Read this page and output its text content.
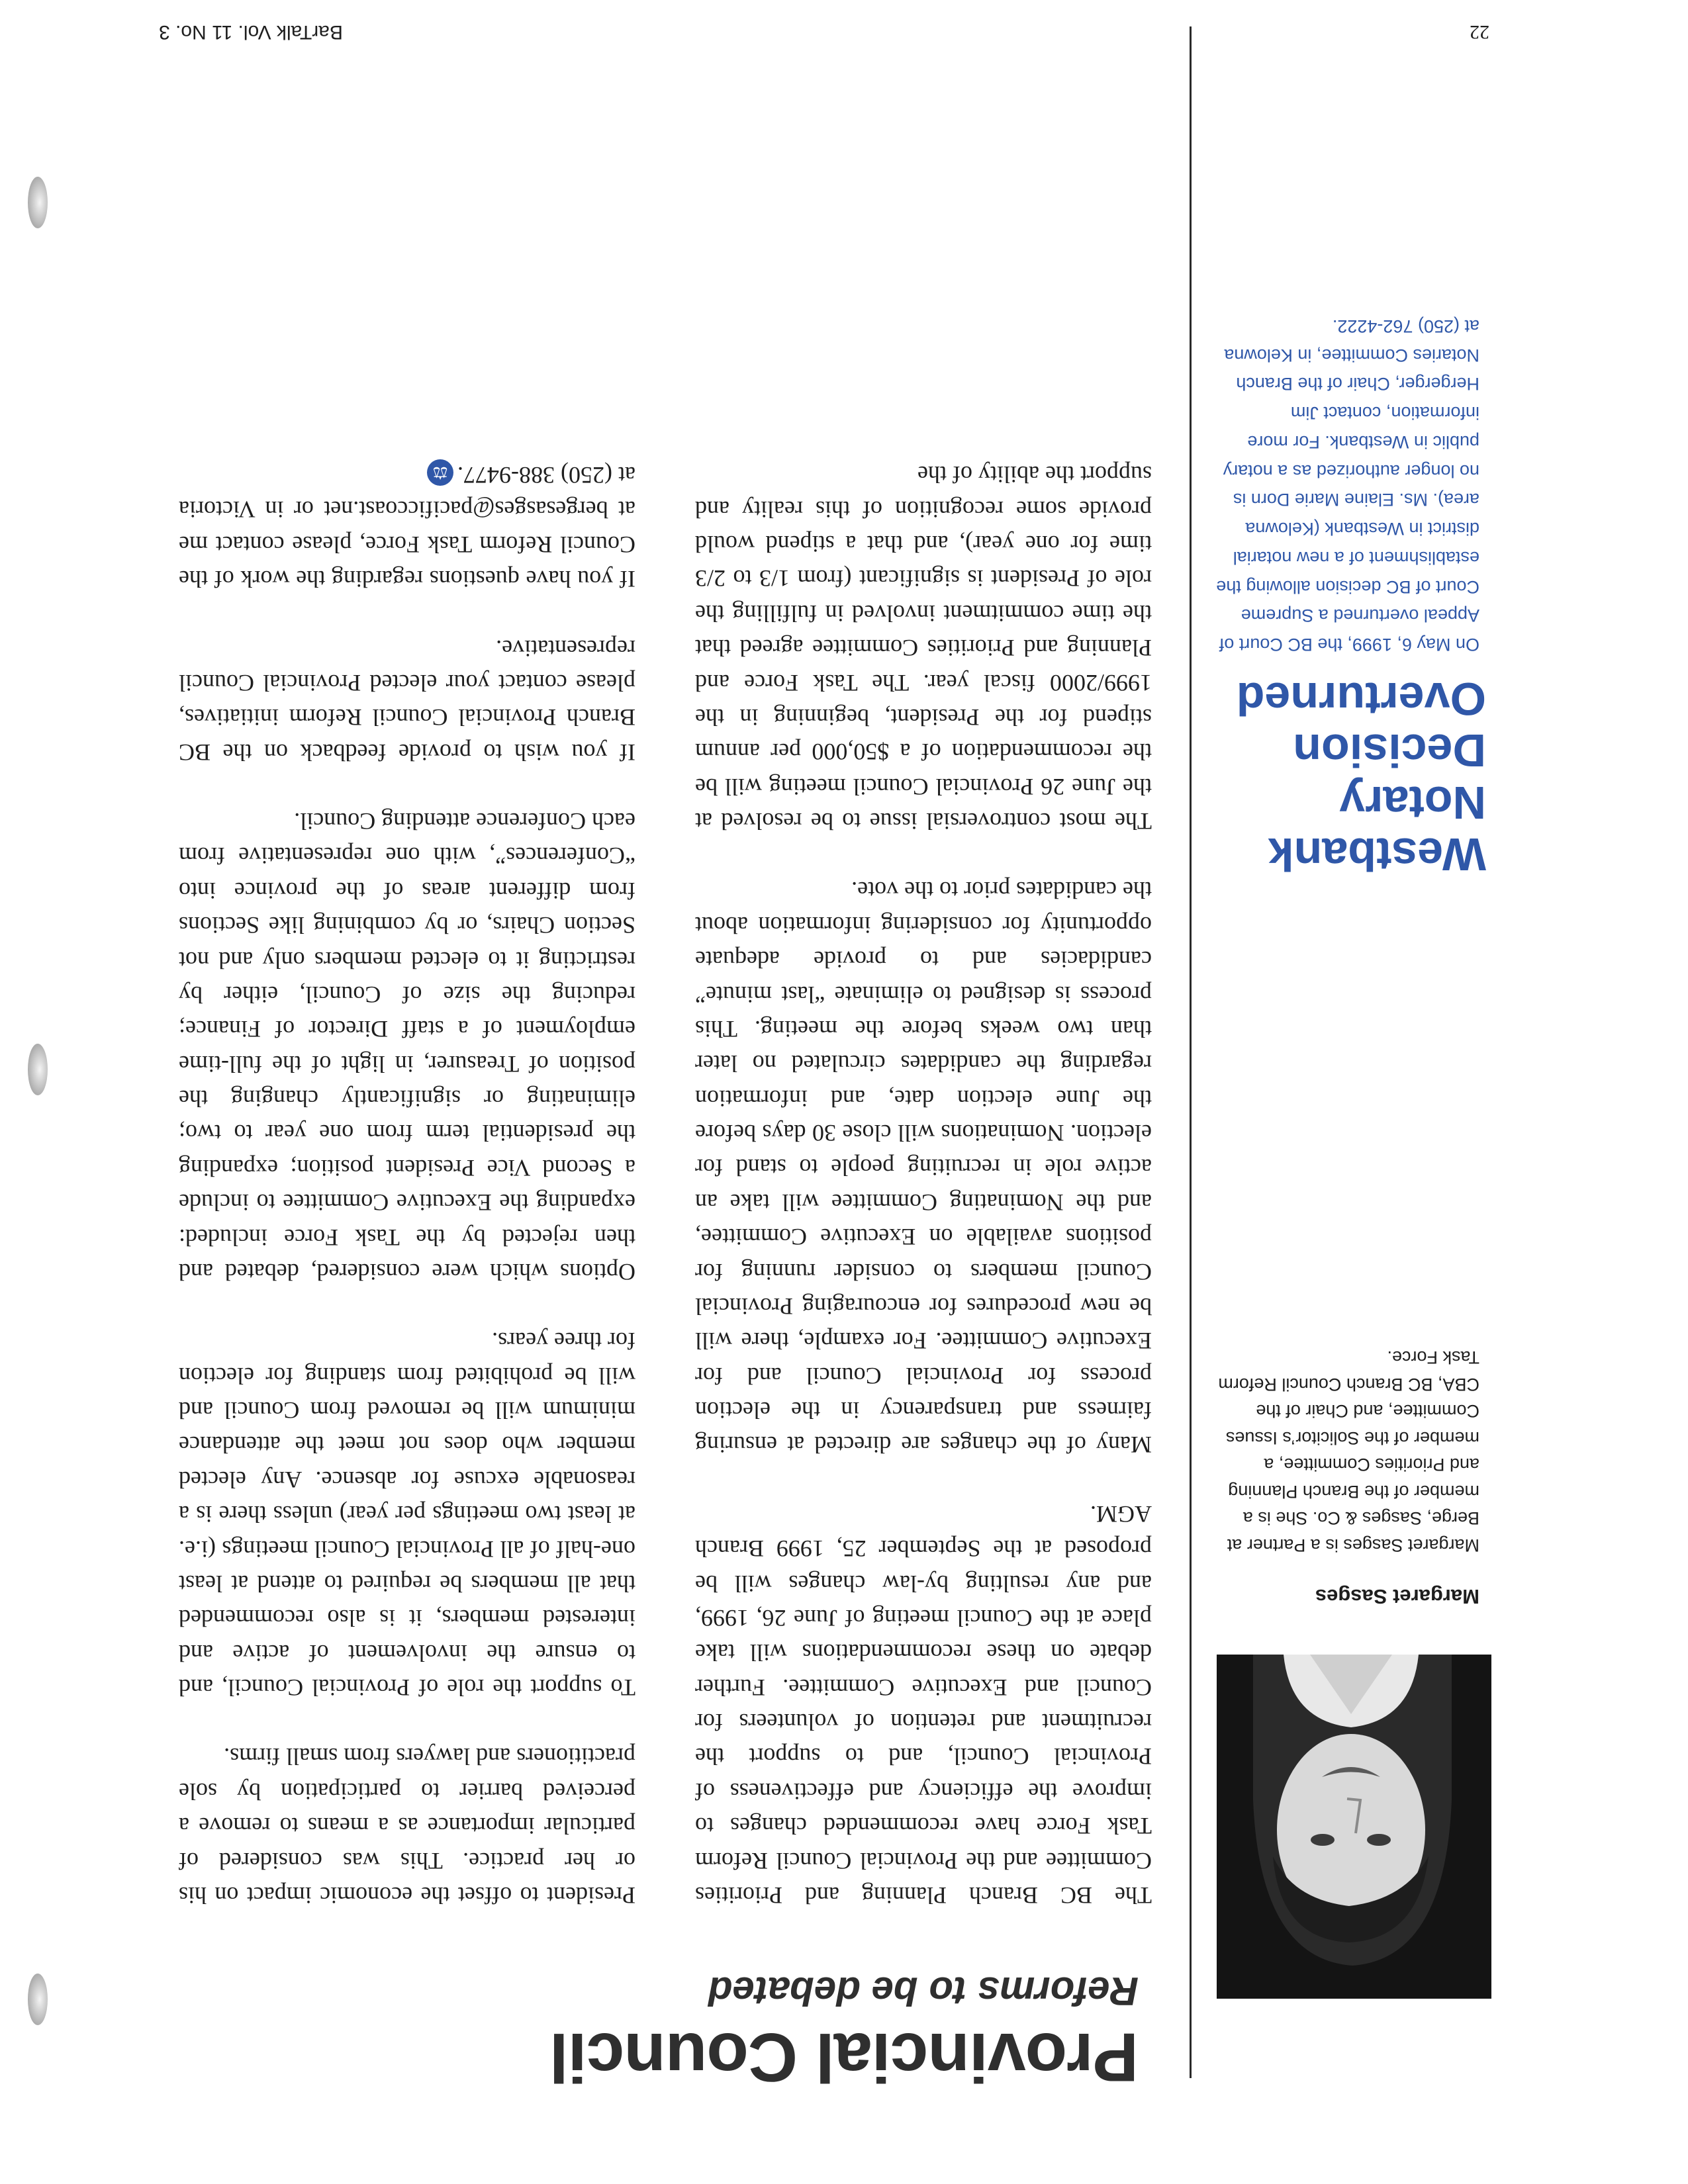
Margaret Sasges
Margaret Sasges is a Partner at Berge, Sasges & Co. She is a member of the Branch Planning and Priorities Committee, a member of the Solicitor’s Issues Committee, and Chair of the CBA, BC Branch Council Reform Task Force.
Westbank Notary Decision Overturned
On May 6, 1999, the BC Court of Appeal overturned a Supreme Court of BC decision allowing the establishment of a new notarial district in Westbank (Kelowna area). Ms. Elaine Marie Dorn is no longer authorized as a notary public in Westbank. For more information, contact Jim Hergerger, Chair of the Branch Notaries Committee, in Kelowna at (250) 762-4222.
Provincial Council
Reforms to be debated

The BC Branch Planning and Priorities Committee and the Provincial Council Reform Task Force have recommended changes to improve the efficiency and effectiveness of Provincial Council, and to support the recruitment and retention of volunteers for Council and Executive Committee. Further debate on these recommendations will take place at the Council meeting of June 26, 1999, and any resulting by-law changes will be proposed at the September 25, 1999 Branch AGM.

Many of the changes are directed at ensuring fairness and transparency in the election process for Provincial Council and for Executive Committee. For example, there will be new procedures for encouraging Provincial Council members to consider running for positions available on Executive Committee, and the Nominating Committee will take an active role in recruiting people to stand for election. Nominations will close 30 days before the June election date, and information regarding the candidates circulated no later than two weeks before the meeting. This process is designed to eliminate “last minute” candidacies and to provide adequate opportunity for considering information about the candidates prior to the vote.

The most controversial issue to be resolved at the June 26 Provincial Council meeting will be the recommendation of a $50,000 per annum stipend for the President, beginning in the 1999/2000 fiscal year. The Task Force and Planning and Priorities Committee agreed that the time commitment involved in fulfilling the role of President is significant (from 1/3 to 2/3 time for one year), and that a stipend would provide some recognition of this reality and support the ability of the

President to offset the economic impact on his or her practice. This was considered of particular importance as a means to remove a perceived barrier to participation by sole practitioners and lawyers from small firms.

To support the role of Provincial Council, and to ensure the involvement of active and interested members, it is also recommended that all members be required to attend at least one-half of all Provincial Council meetings (i.e. at least two meetings per year) unless there is a reasonable excuse for absence. Any elected member who does not meet the attendance minimum will be removed from Council and will be prohibited from standing for election for three years.

Options which were considered, debated and then rejected by the Task Force included: expanding the Executive Committee to include a Second Vice President position; expanding the presidential term from one year to two; eliminating or significantly changing the position of Treasurer, in light of the full-time employment of a staff Director of Finance; reducing the size of Council, either by restricting it to elected members only and not Section Chairs, or by combining like Sections from different areas of the province into “Conferences”, with one representative from each Conference attending Council.

If you wish to provide feedback on the BC Branch Provincial Council Reform initiatives, please contact your elected Provincial Council representative.

If you have questions regarding the work of the Council Reform Task Force, please contact me at bergesasges@pacificcoast.net or in Victoria at (250) 388-9477.⚖

22
BarTalk Vol. 11 No. 3
